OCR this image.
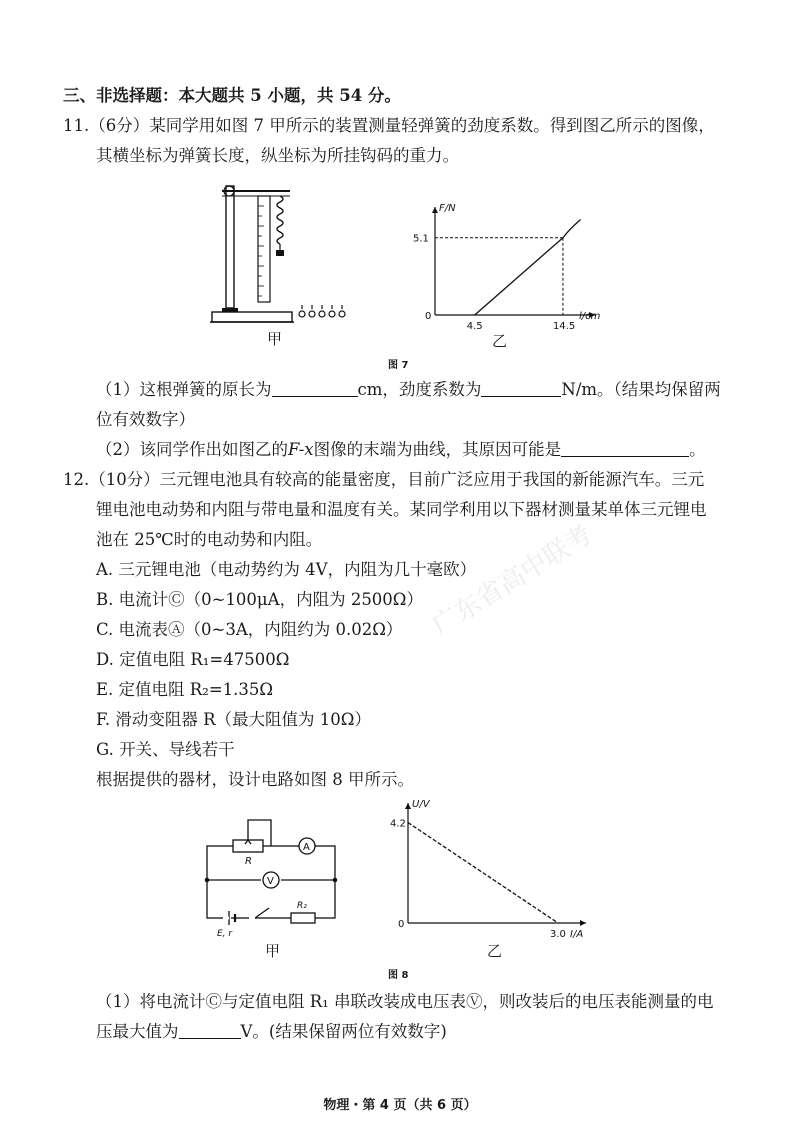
广东省高中联考
三、非选择题：本大题共 5 小题，共 54 分。
11.（6分）某同学用如图 7 甲所示的装置测量轻弹簧的劲度系数。得到图乙所示的图像，
其横坐标为弹簧长度，纵坐标为所挂钩码的重力。
甲
F/N
l/cm
0
5.1
4.5	14.5
乙
图 7
（1）这根弹簧的原长为	cm，劲度系数为	N/m。（结果均保留两
位有效数字）
（2）该同学作出如图乙的F-x图像的末端为曲线，其原因可能是	。
12.（10分）三元锂电池具有较高的能量密度，目前广泛应用于我国的新能源汽车。三元
锂电池电动势和内阻与带电量和温度有关。某同学利用以下器材测量某单体三元锂电
池在 25℃时的电动势和内阻。
A. 三元锂电池（电动势约为 4V，内阻为几十毫欧）
B. 电流计Ⓒ（0~100μA，内阻为 2500Ω）
C. 电流表Ⓐ（0~3A，内阻约为 0.02Ω）
D. 定值电阻 R₁=47500Ω
E. 定值电阻 R₂=1.35Ω
F. 滑动变阻器 R（最大阻值为 10Ω）
G. 开关、导线若干
根据提供的器材，设计电路如图 8 甲所示。
R
A
V
R₂
E, r
甲
U/V
I/A
0
4.2
3.0
乙
图 8
（1）将电流计Ⓒ与定值电阻 R₁ 串联改装成电压表Ⓥ，则改装后的电压表能测量的电
压最大值为	V。(结果保留两位有效数字)
物理・第 4 页（共 6 页）
